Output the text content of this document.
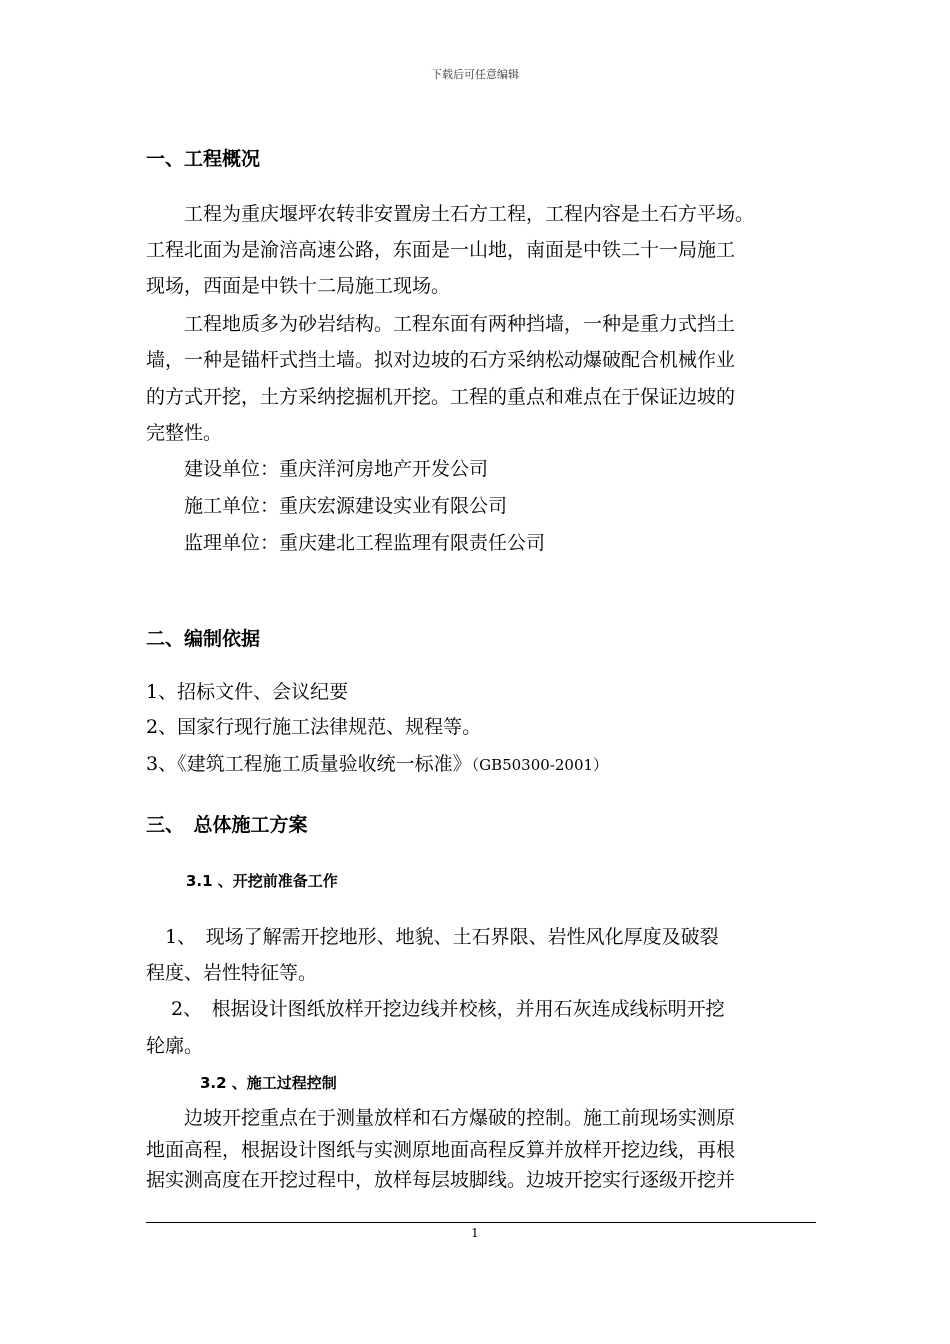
下载后可任意编辑
一、工程概况
　　工程为重庆堰坪农转非安置房土石方工程，工程内容是土石方平场。
工程北面为是渝涪高速公路，东面是一山地，南面是中铁二十一局施工
现场，西面是中铁十二局施工现场。
　　工程地质多为砂岩结构。工程东面有两种挡墙，一种是重力式挡土
墙，一种是锚杆式挡土墙。拟对边坡的石方采纳松动爆破配合机械作业
的方式开挖，土方采纳挖掘机开挖。工程的重点和难点在于保证边坡的
完整性。
　　建设单位：重庆洋河房地产开发公司
　　施工单位：重庆宏源建设实业有限公司
　　监理单位：重庆建北工程监理有限责任公司
二、编制依据
1、招标文件、会议纪要
2、国家行现行施工法律规范、规程等。
3、《建筑工程施工质量验收统一标准》（GB50300-2001）
三、　总体施工方案
3.1 、开挖前准备工作
　1、　现场了解需开挖地形、地貌、土石界限、岩性风化厚度及破裂
程度、岩性特征等。
　 2、　根据设计图纸放样开挖边线并校核，并用石灰连成线标明开挖
轮廓。
3.2 、施工过程控制
　　边坡开挖重点在于测量放样和石方爆破的控制。施工前现场实测原
地面高程，根据设计图纸与实测原地面高程反算并放样开挖边线，再根
据实测高度在开挖过程中，放样每层坡脚线。边坡开挖实行逐级开挖并
1
